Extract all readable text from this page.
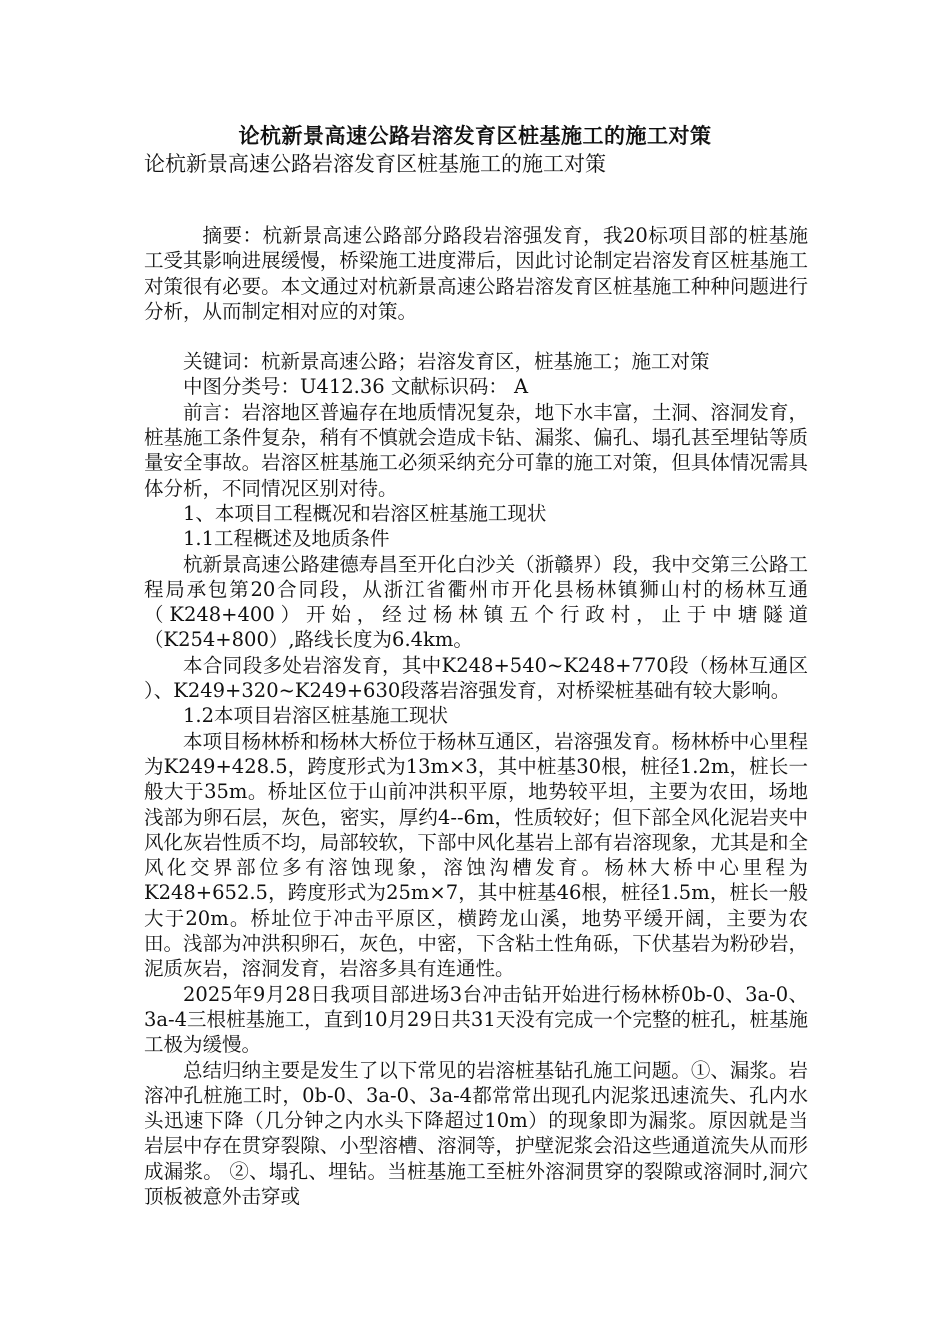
论杭新景高速公路岩溶发育区桩基施工的施工对策
论杭新景高速公路岩溶发育区桩基施工的施工对策

摘要：杭新景高速公路部分路段岩溶强发育，我20标项目部的桩基施工受其影响进展缓慢，桥梁施工进度滞后，因此讨论制定岩溶发育区桩基施工对策很有必要。本文通过对杭新景高速公路岩溶发育区桩基施工种种问题进行分析，从而制定相对应的对策。

关键词：杭新景高速公路；岩溶发育区，桩基施工；施工对策

中图分类号：U412.36 文献标识码： A

前言：岩溶地区普遍存在地质情况复杂，地下水丰富，土洞、溶洞发育，桩基施工条件复杂，稍有不慎就会造成卡钻、漏浆、偏孔、塌孔甚至埋钻等质量安全事故。岩溶区桩基施工必须采纳充分可靠的施工对策，但具体情况需具体分析，不同情况区别对待。

1、本项目工程概况和岩溶区桩基施工现状

1.1工程概述及地质条件

杭新景高速公路建德寿昌至开化白沙关（浙赣界）段，我中交第三公路工程局承包第20合同段，从浙江省衢州市开化县杨林镇狮山村的杨林互通（K248+400）开始，经过杨林镇五个行政村，止于中塘隧道（K254+800）,路线长度为6.4km。

本合同段多处岩溶发育，其中K248+540~K248+770段（杨林互通区 ）、K249+320~K249+630段落岩溶强发育，对桥梁桩基础有较大影响。

1.2本项目岩溶区桩基施工现状

本项目杨林桥和杨林大桥位于杨林互通区，岩溶强发育。杨林桥中心里程为K249+428.5，跨度形式为13m×3，其中桩基30根，桩径1.2m，桩长一般大于35m。桥址区位于山前冲洪积平原，地势较平坦，主要为农田，场地浅部为卵石层，灰色，密实，厚约4--6m，性质较好；但下部全风化泥岩夹中风化灰岩性质不均，局部较软，下部中风化基岩上部有岩溶现象，尤其是和全风化交界部位多有溶蚀现象，溶蚀沟槽发育。杨林大桥中心里程为K248+652.5，跨度形式为25m×7，其中桩基46根，桩径1.5m，桩长一般大于20m。桥址位于冲击平原区，横跨龙山溪，地势平缓开阔，主要为农田。浅部为冲洪积卵石，灰色，中密，下含粘土性角砾，下伏基岩为粉砂岩，泥质灰岩，溶洞发育，岩溶多具有连通性。

2025年9月28日我项目部进场3台冲击钻开始进行杨林桥0b-0、3a-0、3a-4三根桩基施工，直到10月29日共31天没有完成一个完整的桩孔，桩基施工极为缓慢。

总结归纳主要是发生了以下常见的岩溶桩基钻孔施工问题。①、漏浆。岩溶冲孔桩施工时，0b-0、3a-0、3a-4都常常出现孔内泥浆迅速流失、孔内水头迅速下降（几分钟之内水头下降超过10m）的现象即为漏浆。原因就是当岩层中存在贯穿裂隙、小型溶槽、溶洞等，护壁泥浆会沿这些通道流失从而形成漏浆。 ②、塌孔、埋钻。当桩基施工至桩外溶洞贯穿的裂隙或溶洞时,洞穴顶板被意外击穿或
